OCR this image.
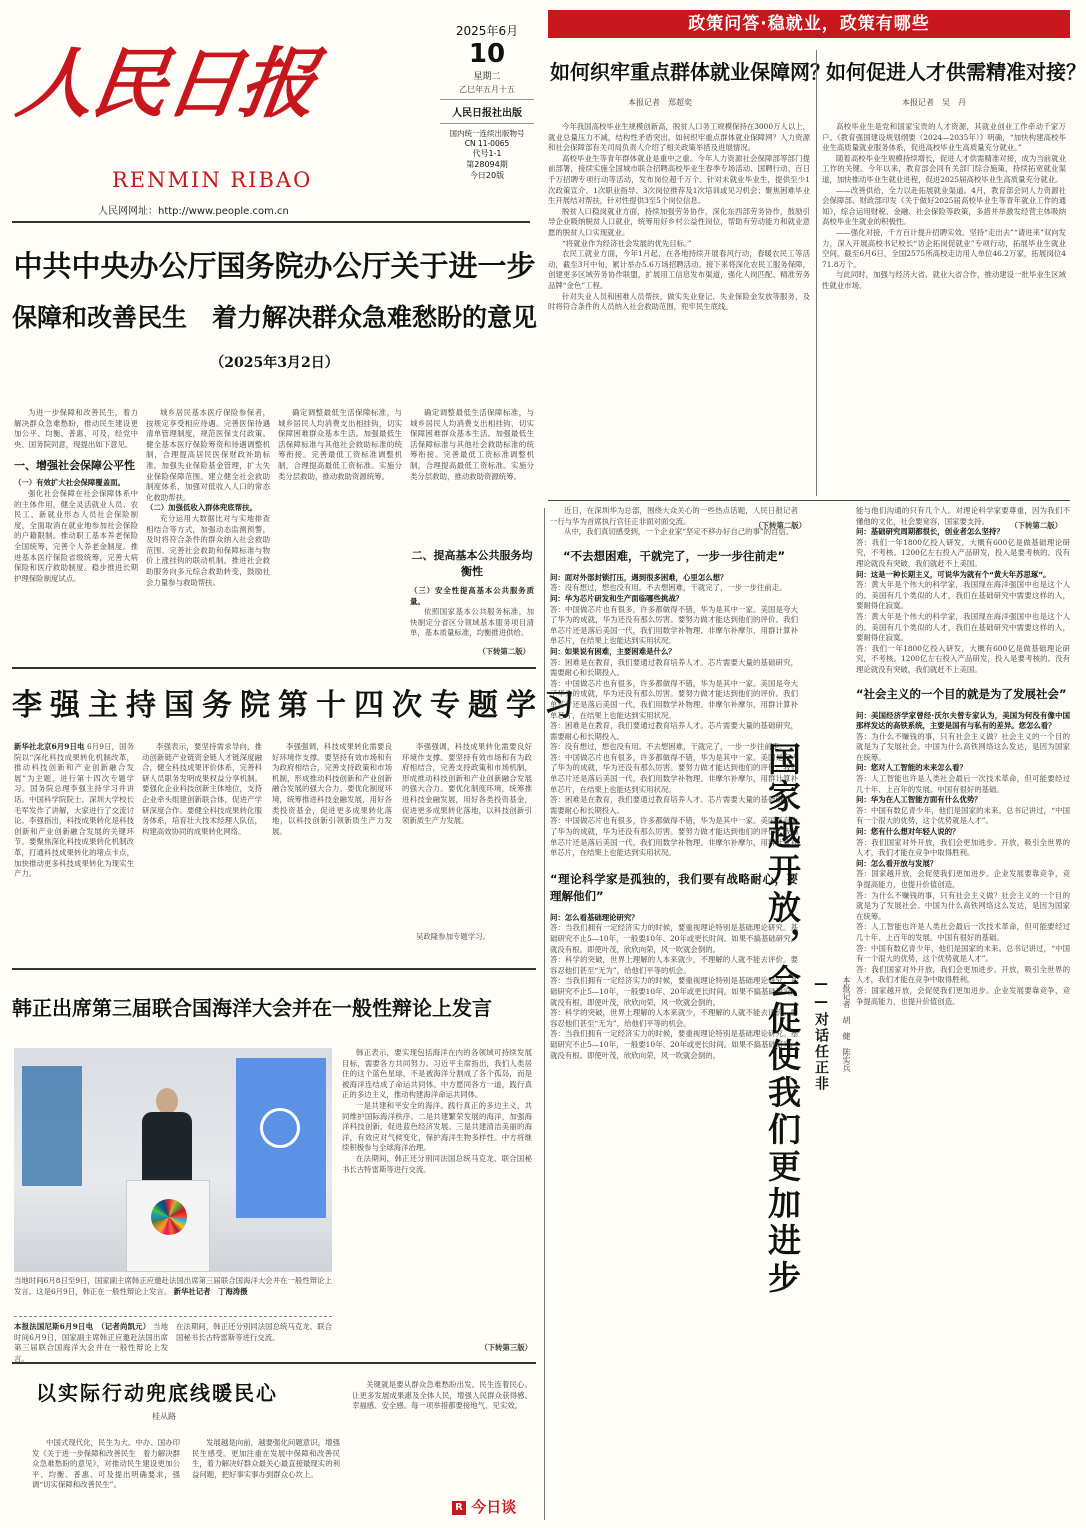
人民日报
RENMIN RIBAO
人民网网址：http://www.people.com.cn
2025年6月
10
星期二
乙巳年五月十五
人民日报社出版
国内统一连续出版物号
CN 11-0065
代号1-1
第28094期
今日20版
政策问答·稳就业，政策有哪些
如何织牢重点群体就业保障网？
本报记者　郑超奕

今年我国高校毕业生规模创新高，脱贫人口务工规模保持在3000万人以上，就业总量压力不减，结构性矛盾突出。如何织牢重点群体就业保障网？人力资源和社会保障部有关司局负责人介绍了相关政策举措及进展情况。

高校毕业生等青年群体就业是重中之重。今年人力资源社会保障部等部门提前部署，接续实施全国城市联合招聘高校毕业生春季专场活动、国聘行动、百日千万招聘专项行动等活动，发布岗位超千万个。针对未就业毕业生，提供至少1次政策宣介、1次职业指导、3次岗位推荐及1次培训或见习机会；聚焦困难毕业生开展结对帮扶，针对性提供3至5个岗位信息。

脱贫人口稳岗就业方面，持续加强劳务协作，深化东西部劳务协作，鼓励引导企业吸纳脱贫人口就业，统筹用好乡村公益性岗位，帮助有劳动能力和就业意愿的脱贫人口实现就业。

“将就业作为经济社会发展的优先目标。”

农民工就业方面，今年1月起，在各地持续开展春风行动，春暖农民工等活动，截至3月中旬，累计举办5.6万场招聘活动。接下来将深化农民工服务保障，创建更多区域劳务协作联盟，扩展用工信息发布渠道，强化人岗匹配、精准劳务品牌“金色”工程。

针对失业人员和困难人员帮扶，做实失业登记、失业保险金发放等服务，及时将符合条件的人员纳入社会救助范围，兜牢民生底线。

（下转第二版）
如何促进人才供需精准对接？
本报记者　吴　丹

高校毕业生是党和国家宝贵的人才资源，其就业创业工作牵动千家万户。《教育强国建设规划纲要（2024—2035年）》明确，“加快构建高校毕业生高质量就业服务体系，促进高校毕业生高质量充分就业。”

随着高校毕业生规模持续增长，促进人才供需精准对接，成为当前就业工作的关键。今年以来，教育部会同有关部门综合施策，持续拓宽就业渠道，加快推动毕业生就业进程，促进2025届高校毕业生高质量充分就业。

——改善供给，全力以赴拓展就业渠道。4月，教育部会同人力资源社会保障部、财政部印发《关于做好2025届高校毕业生等青年就业工作的通知》，综合运用财税、金融、社会保险等政策，多措并举激发经营主体吸纳高校毕业生就业的积极性。

——强化对接，千方百计提升招聘实效。坚持“走出去”“请进来”双向发力，深入开展高校书记校长“访企拓岗促就业”专项行动，拓展毕业生就业空间。截至6月6日，全国2575所高校走访用人单位46.2万家，拓展岗位471.8万个。

与此同时，加强与经济大省、就业大省合作，推动建设一批毕业生区域性就业市场。

（下转第二版）
中共中央办公厅国务院办公厅关于进一步
保障和改善民生　着力解决群众急难愁盼的意见
（2025年3月2日）

为进一步保障和改善民生，着力解决群众急难愁盼，推动民生建设更加公平、均衡、普惠、可及，经党中央、国务院同意，现提出如下意见。

一、增强社会保障公平性

（一）有效扩大社会保障覆盖面。

强化社会保障在社会保障体系中的主体作用，健全灵活就业人员、农民工、新就业形态人员社会保险制度，全面取消在就业地参加社会保险的户籍限制。推动职工基本养老保险全国统筹，完善个人养老金制度。推进基本医疗保险省级统筹，完善大病保险和医疗救助制度。稳步推进长期护理保险制度试点。

城乡居民基本医疗保险参保者，按规定享受相应待遇。完善医保待遇清单管理制度，规范医保支付政策。健全基本医疗保险筹资和待遇调整机制，合理提高居民医保财政补助标准。加强失业保险基金管理，扩大失业保险保障范围。建立健全社会救助制度体系，加强对低收入人口的常态化救助帮扶。

（二）加强低收入群体兜底帮扶。

充分运用大数据比对与实地排查相结合等方式，加强动态监测预警，及时将符合条件的群众纳入社会救助范围。完善社会救助和保障标准与物价上涨挂钩的联动机制。推进社会救助服务向多元综合救助转变，鼓励社会力量参与救助帮扶。

确定调整最低生活保障标准，与城乡居民人均消费支出相挂钩，切实保障困难群众基本生活。加强最低生活保障标准与其他社会救助标准的统筹衔接。完善最低工资标准调整机制，合理提高最低工资标准。实施分类分层救助，推动救助资源统筹。

确定调整最低生活保障标准，与城乡居民人均消费支出相挂钩，切实保障困难群众基本生活。加强最低生活保障标准与其他社会救助标准的统筹衔接。完善最低工资标准调整机制，合理提高最低工资标准。实施分类分层救助，推动救助资源统筹。

二、提高基本公共服务均衡性

（三）安全性提高基本公共服务质量。

依照国家基本公共服务标准，加快制定分省区分领域基本服务项目清单，基本质量标准，均衡推进供给。

（下转第二版）
李强主持国务院第十四次专题学习
新华社北京6月9日电 6月9日，国务院以“深化科技成果转化机制改革，推动科技创新和产业创新融合发展”为主题，进行第十四次专题学习。国务院总理李强主持学习并讲话。中国科学院院士、深圳大学校长毛军发作了讲解，大家进行了交流讨论。李强指出，科技成果转化是科技创新和产业创新融合发展的关键环节。要聚焦深化科技成果转化机制改革，打通科技成果转化的堵点卡点，加快推动更多科技成果转化为现实生产力。

李强表示，要坚持需求导向，推动创新链产业链资金链人才链深度融合，健全科技成果评价体系，完善科研人员职务发明成果权益分享机制。要强化企业科技创新主体地位，支持企业牵头组建创新联合体，促进产学研深度合作。要健全科技成果转化服务体系，培育壮大技术经理人队伍，构建高效协同的成果转化网络。

李强强调，科技成果转化需要良好环境作支撑。要坚持有效市场和有为政府相结合，完善支持政策和市场机制，形成推动科技创新和产业创新融合发展的强大合力。要优化制度环境，统筹推进科技金融发展，用好各类投资基金，促进更多成果转化落地，以科技创新引领新质生产力发展。

李强强调，科技成果转化需要良好环境作支撑。要坚持有效市场和有为政府相结合，完善支持政策和市场机制，形成推动科技创新和产业创新融合发展的强大合力。要优化制度环境，统筹推进科技金融发展，用好各类投资基金，促进更多成果转化落地，以科技创新引领新质生产力发展。

吴政隆参加专题学习。

韩正出席第三届联合国海洋大会并在一般性辩论上发言
当地时间6月8日至9日，国家副主席韩正应邀赴法国出席第三届联合国海洋大会并在一般性辩论上发言。这是6月9日，韩正在一般性辩论上发言。 新华社记者　丁海涛摄
本报法国尼斯6月9日电　（记者尚凯元） 当地时间6月9日，国家副主席韩正应邀赴法国出席第三届联合国海洋大会并在一般性辩论上发言。
在法期间，韩正还分别同法国总统马克龙、联合国秘书长古特雷斯等进行交流。

韩正表示，要实现包括海洋在内的各领域可持续发展目标，需要各方共同努力。习近平主席指出，我们人类居住的这个蓝色星球，不是被海洋分割成了各个孤岛，而是被海洋连结成了命运共同体。中方愿同各方一道，践行真正的多边主义，推动构建海洋命运共同体。

一是共建和平安全的海洋。践行真正的多边主义，共同维护国际海洋秩序。二是共建繁荣发展的海洋，加强海洋科技创新，促进蓝色经济发展。三是共建清洁美丽的海洋，有效应对气候变化，保护海洋生物多样性。中方将继续积极参与全球海洋治理。

在法期间，韩正还分别同法国总统马克龙、联合国秘书长古特雷斯等进行交流。

（下转第三版）
以实际行动兜底线暖民心
桂从路

中国式现代化，民生为大。中办、国办印发《关于进一步保障和改善民生　着力解决群众急难愁盼的意见》，对推动民生建设更加公平、均衡、普惠、可及提出明确要求，强调“切实保障和改善民生”。

发展越是向前，越要强化问题意识，增强民生感受。更加注重在发展中保障和改善民生，着力解决好群众最关心最直接最现实的利益问题，把好事实事办到群众心坎上。

关键就是要从群众急难愁盼出发。民生连着民心。让更多发展成果惠及全体人民，增强人民群众获得感、幸福感、安全感。每一项举措都要接地气、见实效。

R 今日谈

近日，在深圳华为总部，围绕大众关心的一些热点话题，人民日报记者一行与华为首席执行官任正非面对面交流。

从中，我们真切感受到，一个企业家“坚定不移办好自己的事”的自信。

“不去想困难，干就完了，一步一步往前走”

问：面对外部封锁打压，遇到很多困难，心里怎么想？

答：没有想过，想也没有用。不去想困难，干就完了，一步一步往前走。

问：华为芯片研发和生产面临哪些挑战？

答：中国做芯片也有很多，许多都做得不错，华为是其中一家。美国是夸大了华为的成就，华为还没有那么厉害。要努力做才能达到他们的评价。我们单芯片还是落后美国一代，我们用数学补物理、非摩尔补摩尔，用群计算补单芯片，在结果上也能达到实用状况。

问：如果说有困难，主要困难是什么？

答：困难是在教育，我们要通过教育培养人才。芯片需要大量的基础研究，需要耐心和长期投入。

答：中国做芯片也有很多，许多都做得不错，华为是其中一家。美国是夸大了华为的成就，华为还没有那么厉害。要努力做才能达到他们的评价。我们单芯片还是落后美国一代，我们用数学补物理、非摩尔补摩尔，用群计算补单芯片，在结果上也能达到实用状况。

答：困难是在教育，我们要通过教育培养人才。芯片需要大量的基础研究，需要耐心和长期投入。

答：没有想过，想也没有用。不去想困难，干就完了，一步一步往前走。

答：中国做芯片也有很多，许多都做得不错，华为是其中一家。美国是夸大了华为的成就，华为还没有那么厉害。要努力做才能达到他们的评价。我们单芯片还是落后美国一代，我们用数学补物理、非摩尔补摩尔，用群计算补单芯片，在结果上也能达到实用状况。

答：困难是在教育，我们要通过教育培养人才。芯片需要大量的基础研究，需要耐心和长期投入。

答：中国做芯片也有很多，许多都做得不错，华为是其中一家。美国是夸大了华为的成就，华为还没有那么厉害。要努力做才能达到他们的评价。我们单芯片还是落后美国一代，我们用数学补物理、非摩尔补摩尔，用群计算补单芯片，在结果上也能达到实用状况。

“理论科学家是孤独的，我们要有战略耐心，要理解他们”

问：怎么看基础理论研究？

答：当我们拥有一定经济实力的时候，要重视理论特别是基础理论研究。基础研究不止5—10年，一般要10年、20年或更长时间。如果不搞基础研究，就没有根。即使叶茂，欣欣向荣，风一吹就会倒的。

答：科学的突破，世界上理解的人本来就少，不理解的人就不能去评价。要容忍他们甚至“无为”，给他们平等的机会。

答：当我们拥有一定经济实力的时候，要重视理论特别是基础理论研究。基础研究不止5—10年，一般要10年、20年或更长时间。如果不搞基础研究，就没有根。即使叶茂，欣欣向荣，风一吹就会倒的。

答：科学的突破，世界上理解的人本来就少，不理解的人就不能去评价。要容忍他们甚至“无为”，给他们平等的机会。

答：当我们拥有一定经济实力的时候，要重视理论特别是基础理论研究。基础研究不止5—10年，一般要10年、20年或更长时间。如果不搞基础研究，就没有根。即使叶茂，欣欣向荣，风一吹就会倒的。	国家越开放，会促使我们更加进步 ——对话任正非 本报记者　胡　健　陈实兵

能与他们沟通的只有几个人。对理论科学家要尊重，因为我们不懂他的文化，社会要宽容，国家要支持。

问：基础研究周期都很长，创业者怎么坚持？

答：我们一年1800亿投入研发，大概有600亿是做基础理论研究，不考核。1200亿左右投入产品研发，投入是要考核的。没有理论就没有突破，我们就赶不上美国。

问：这是一种长期主义，可说华为就有个“黄大年苏思琢”。

答：黄大年是个伟大的科学家，我国现在海洋强国中也是这个人的。美国有几个类似的人才，我们在基础研究中需要这样的人，要耐得住寂寞。

答：黄大年是个伟大的科学家，我国现在海洋强国中也是这个人的。美国有几个类似的人才，我们在基础研究中需要这样的人，要耐得住寂寞。

答：我们一年1800亿投入研发，大概有600亿是做基础理论研究，不考核。1200亿左右投入产品研发，投入是要考核的。没有理论就没有突破，我们就赶不上美国。

“社会主义的一个目的就是为了发展社会”

问：美国经济学家曾经·沃尔夫曾专家认为，美国为何没有像中国那样发达的高铁系统，主要是国有与私有的差异。您怎么看？

答：为什么不赚钱的事，只有社会主义做？社会主义的一个目的就是为了发展社会。中国为什么高铁网络这么发达，是因为国家在统筹。

问：您对人工智能的未来怎么看？

答：人工智能也许是人类社会最后一次技术革命，但可能要经过几十年、上百年的发展。中国有很好的基础。

问：华为在人工智能方面有什么优势？

答：中国有数亿青少年，他们是国家的未来。总书记讲过，“中国有一个很大的优势，这个优势就是人才”。

问：您有什么想对年轻人说的？

答：我们国家对外开放，我们会更加进步。开放，吸引全世界的人才，我们才能在竞争中取得胜利。

问：怎么看开放与发展？

答：国家越开放，会促使我们更加进步。企业发展要靠竞争，竞争提高能力，也提升价值创造。

答：为什么不赚钱的事，只有社会主义做？社会主义的一个目的就是为了发展社会。中国为什么高铁网络这么发达，是因为国家在统筹。

答：人工智能也许是人类社会最后一次技术革命，但可能要经过几十年、上百年的发展。中国有很好的基础。

答：中国有数亿青少年，他们是国家的未来。总书记讲过，“中国有一个很大的优势，这个优势就是人才”。

答：我们国家对外开放，我们会更加进步。开放，吸引全世界的人才，我们才能在竞争中取得胜利。

答：国家越开放，会促使我们更加进步。企业发展要靠竞争，竞争提高能力，也提升价值创造。
